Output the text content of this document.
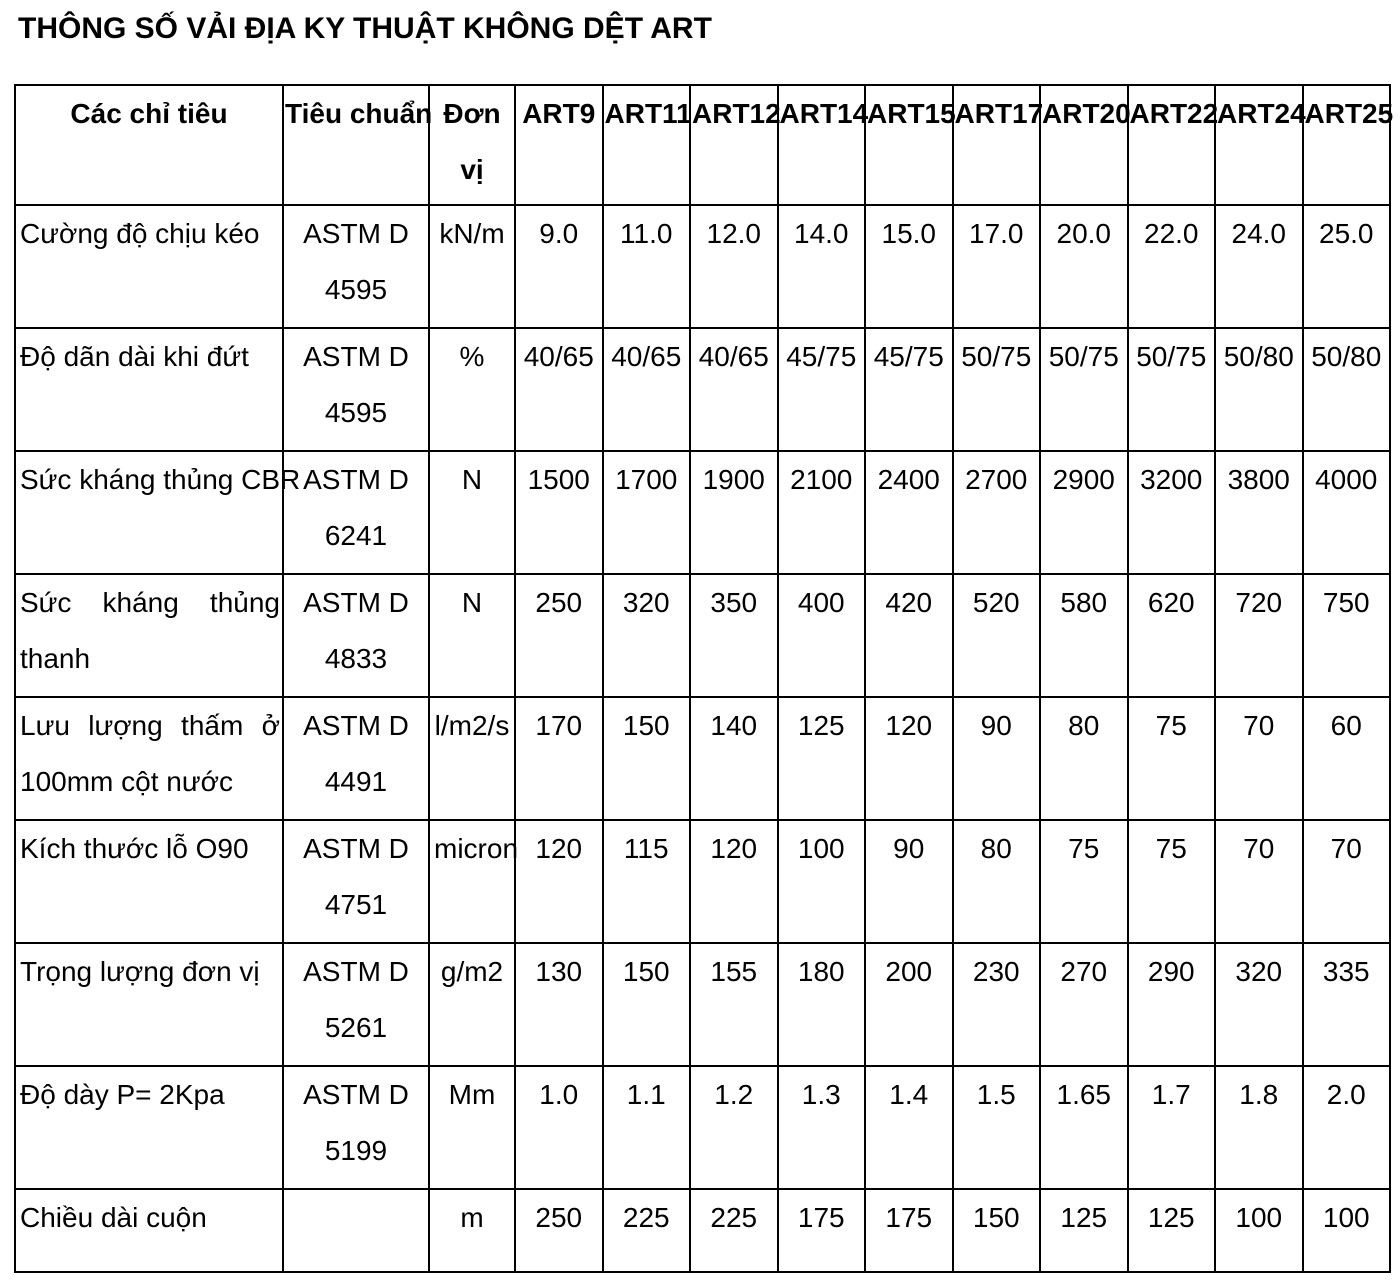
THÔNG SỐ VẢI ĐỊA KY THUẬT KHÔNG DỆT ART
Các chỉ tiêu	Tiêu chuẩn	Đơn vị	ART9	ART11	ART12	ART14	ART15	ART17	ART20	ART22	ART24	ART25
Cường độ chịu kéo	ASTM D 4595	kN/m	9.0	11.0	12.0	14.0	15.0	17.0	20.0	22.0	24.0	25.0
Độ dãn dài khi đứt	ASTM D 4595	%	40/65	40/65	40/65	45/75	45/75	50/75	50/75	50/75	50/80	50/80
Sức kháng thủng CBR	ASTM D 6241	N	1500	1700	1900	2100	2400	2700	2900	3200	3800	4000
Sức kháng thủng thanh	ASTM D 4833	N	250	320	350	400	420	520	580	620	720	750
Lưu lượng thấm ở 100mm cột nước	ASTM D 4491	l/m2/s	170	150	140	125	120	90	80	75	70	60
Kích thước lỗ O90	ASTM D 4751	micron	120	115	120	100	90	80	75	75	70	70
Trọng lượng đơn vị	ASTM D 5261	g/m2	130	150	155	180	200	230	270	290	320	335
Độ dày P= 2Kpa	ASTM D 5199	Mm	1.0	1.1	1.2	1.3	1.4	1.5	1.65	1.7	1.8	2.0
Chiều dài cuộn		m	250	225	225	175	175	150	125	125	100	100
